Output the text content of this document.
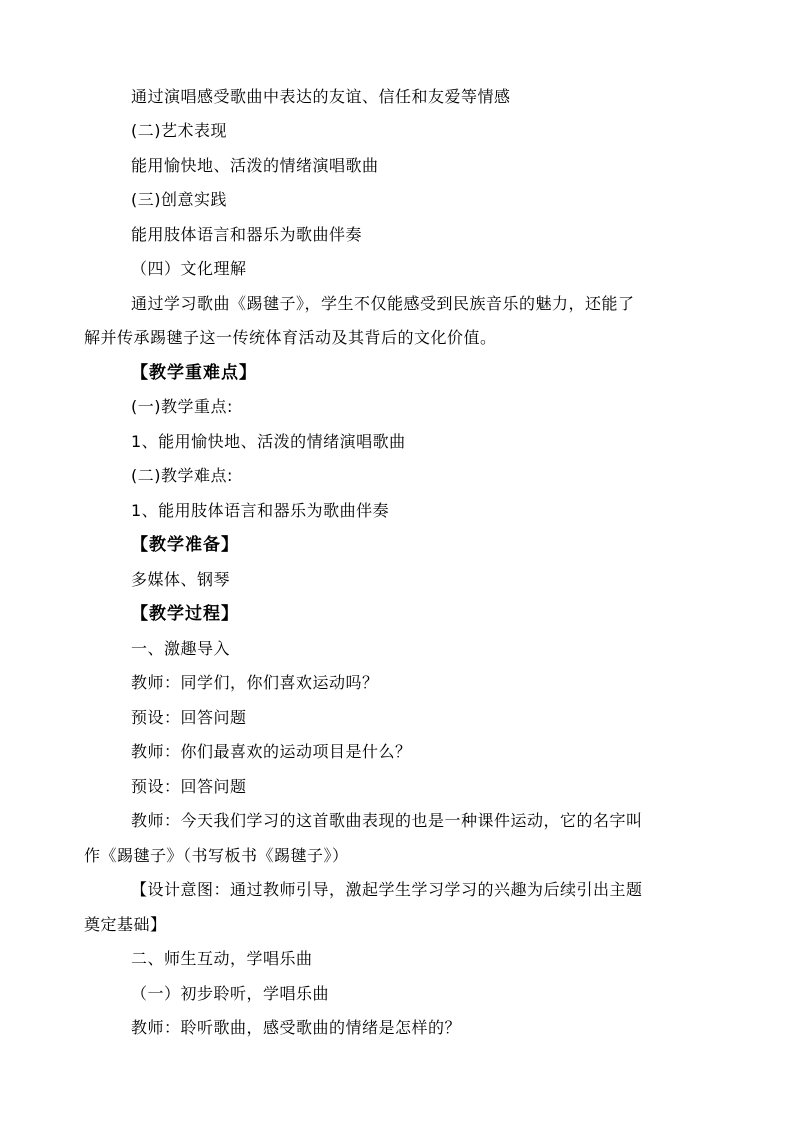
通过演唱感受歌曲中表达的友谊、信任和友爱等情感
(二)艺术表现
能用愉快地、活泼的情绪演唱歌曲
(三)创意实践
能用肢体语言和器乐为歌曲伴奏
（四）文化理解
通过学习歌曲《踢毽子》，学生不仅能感受到民族音乐的魅力，还能了
解并传承踢毽子这一传统体育活动及其背后的文化价值。
【教学重难点】
(一)教学重点:
1、能用愉快地、活泼的情绪演唱歌曲
(二)教学难点:
1、能用肢体语言和器乐为歌曲伴奏
【教学准备】
多媒体、钢琴
【教学过程】
一、激趣导入
教师：同学们，你们喜欢运动吗？
预设：回答问题
教师：你们最喜欢的运动项目是什么？
预设：回答问题
教师：今天我们学习的这首歌曲表现的也是一种课件运动，它的名字叫
作《踢毽子》（书写板书《踢毽子》）
【设计意图：通过教师引导，激起学生学习学习的兴趣为后续引出主题
奠定基础】
二、师生互动，学唱乐曲
（一）初步聆听，学唱乐曲
教师：聆听歌曲，感受歌曲的情绪是怎样的？
